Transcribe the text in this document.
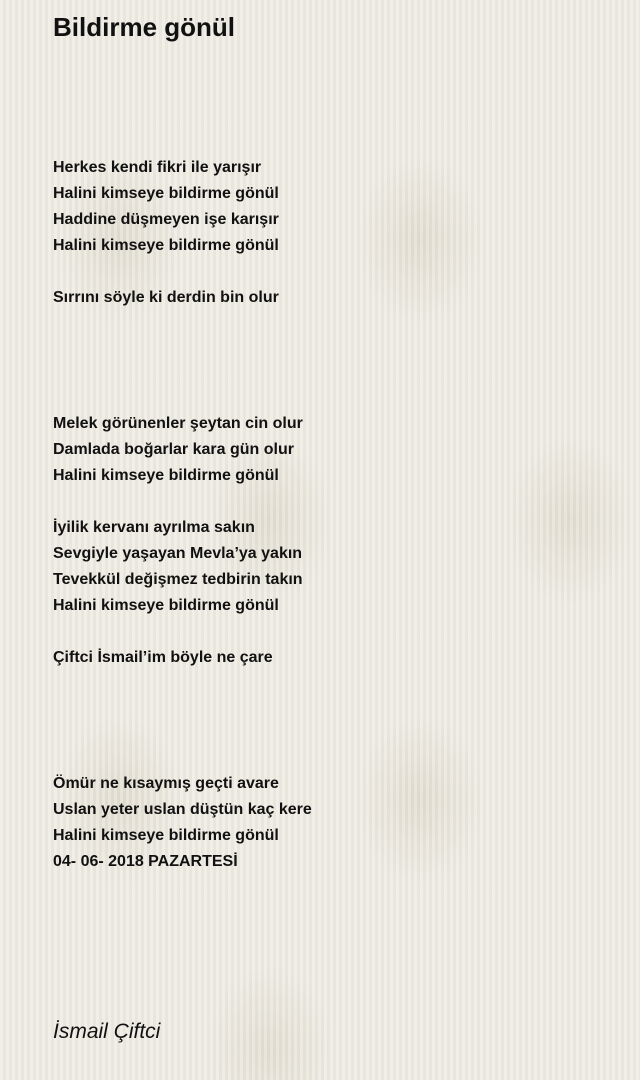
Bildirme gönül
Herkes kendi fikri ile yarışır
Halini kimseye bildirme gönül
Haddine düşmeyen işe karışır
Halini kimseye bildirme gönül
Sırrını söyle ki derdin bin olur
Melek görünenler şeytan cin olur
Damlada boğarlar kara gün olur
Halini kimseye bildirme gönül
İyilik kervanı ayrılma sakın
Sevgiyle yaşayan Mevla’ya yakın
Tevekkül değişmez tedbirin takın
Halini kimseye bildirme gönül
Çiftci İsmail’im böyle ne çare
Ömür ne kısaymış geçti avare
Uslan yeter uslan düştün kaç kere
Halini kimseye bildirme gönül
04- 06- 2018 PAZARTESİ
İsmail Çiftci
